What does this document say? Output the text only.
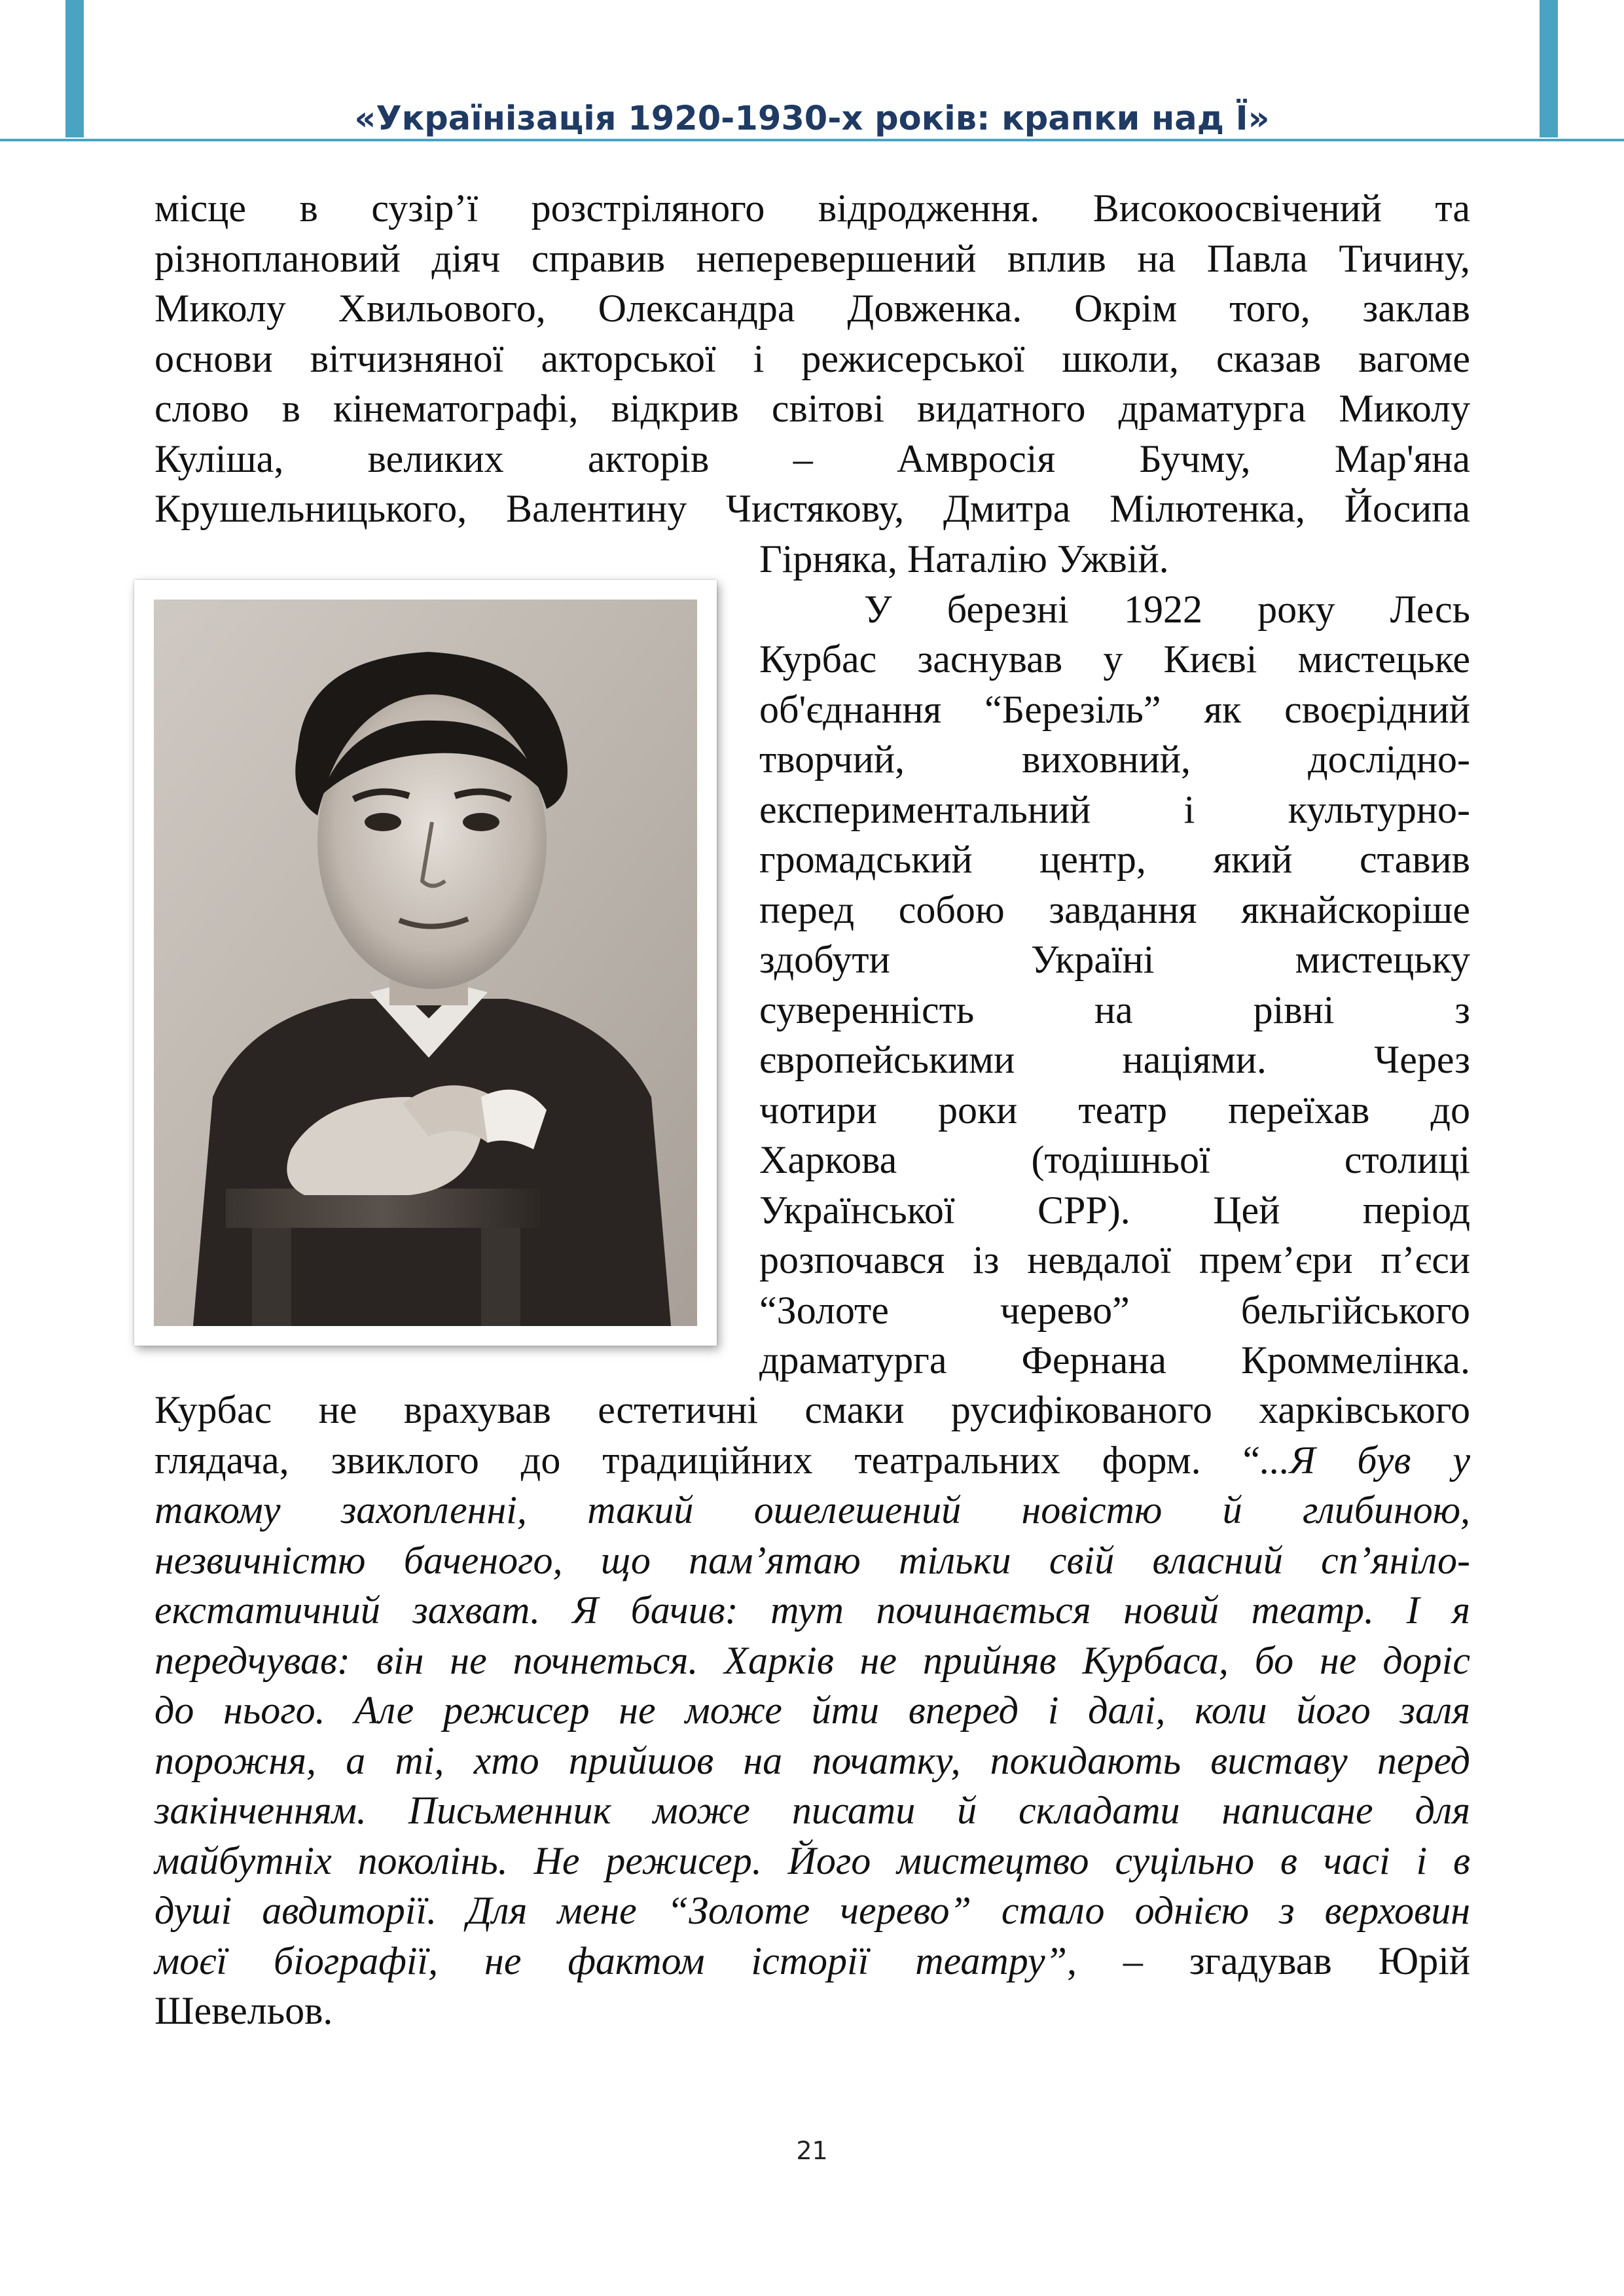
«Українізація 1920-1930-х років: крапки над Ї»
місце в сузір’ї розстріляного відродження. Високоосвічений та
різноплановий діяч справив неперевершений вплив на Павла Тичину,
Миколу Хвильового, Олександра Довженка. Окрім того, заклав
основи вітчизняної акторської і режисерської школи, сказав вагоме
слово в кінематографі, відкрив світові видатного драматурга Миколу
Куліша, великих акторів – Амвросія Бучму, Мар'яна
Крушельницького, Валентину Чистякову, Дмитра Мілютенка, Йосипа
Гірняка, Наталію Ужвій.
У березні 1922 року Лесь
Курбас заснував у Києві мистецьке
об'єднання “Березіль” як своєрідний
творчий, виховний, дослідно-
експериментальний і культурно-
громадський центр, який ставив
перед собою завдання якнайскоріше
здобути Україні мистецьку
суверенність на рівні з
європейськими націями. Через
чотири роки театр переїхав до
Харкова (тодішньої столиці
Української СРР). Цей період
розпочався із невдалої прем’єри п’єси
“Золоте черево” бельгійського
драматурга Фернана Кроммелінка.
Курбас не врахував естетичні смаки русифікованого харківського
глядача, звиклого до традиційних театральних форм. “...Я був у
такому захопленні, такий ошелешений новістю й глибиною,
незвичністю баченого, що пам’ятаю тільки свій власний сп’яніло-
екстатичний захват. Я бачив: тут починається новий театр. І я
передчував: він не почнеться. Харків не прийняв Курбаса, бо не доріс
до нього. Але режисер не може йти вперед і далі, коли його заля
порожня, а ті, хто прийшов на початку, покидають виставу перед
закінченням. Письменник може писати й складати написане для
майбутніх поколінь. Не режисер. Його мистецтво суцільно в часі і в
душі авдиторії. Для мене “Золоте черево” стало однією з верховин
моєї біографії, не фактом історії театру”, – згадував Юрій
Шевельов.
21
